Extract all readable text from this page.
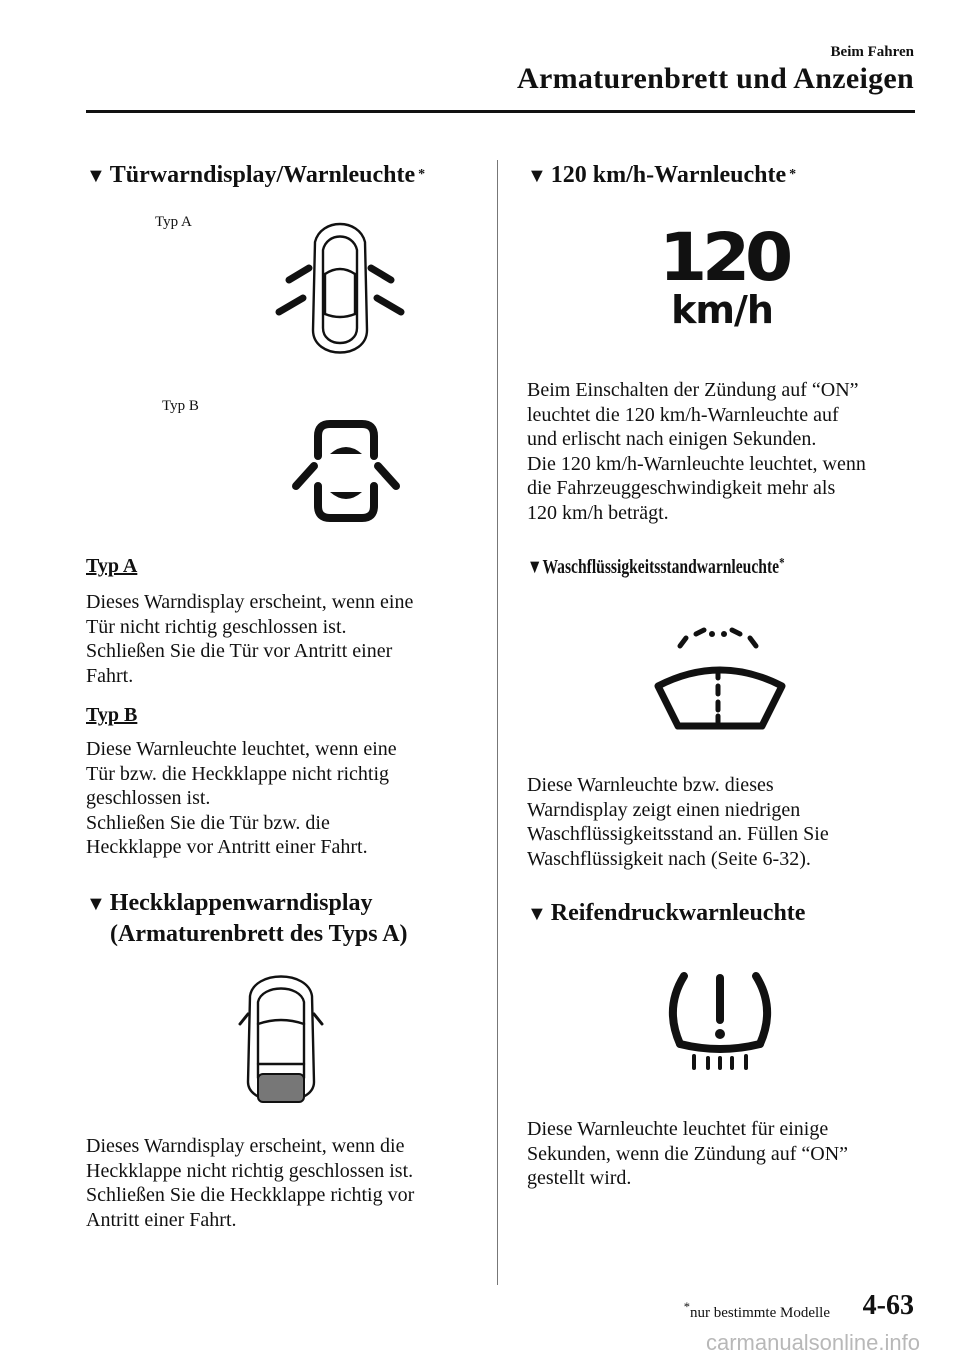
Beim Fahren
Armaturenbrett und Anzeigen
▼ Türwarndisplay/Warnleuchte *
Typ A
Typ B
Typ A
Dieses Warndisplay erscheint, wenn eine
Tür nicht richtig geschlossen ist.
Schließen Sie die Tür vor Antritt einer
Fahrt.
Typ B
Diese Warnleuchte leuchtet, wenn eine
Tür bzw. die Heckklappe nicht richtig
geschlossen ist.
Schließen Sie die Tür bzw. die
Heckklappe vor Antritt einer Fahrt.
▼ Heckklappenwarndisplay
(Armaturenbrett des Typs A)
Dieses Warndisplay erscheint, wenn die
Heckklappe nicht richtig geschlossen ist.
Schließen Sie die Heckklappe richtig vor
Antritt einer Fahrt.
▼ 120 km/h-Warnleuchte *
120
km/h
Beim Einschalten der Zündung auf “ON”
leuchtet die 120 km/h-Warnleuchte auf
und erlischt nach einigen Sekunden.
Die 120 km/h-Warnleuchte leuchtet, wenn
die Fahrzeuggeschwindigkeit mehr als
120 km/h beträgt.
▼Waschflüssigkeitsstandwarnleuchte*
Diese Warnleuchte bzw. dieses
Warndisplay zeigt einen niedrigen
Waschflüssigkeitsstand an. Füllen Sie
Waschflüssigkeit nach (Seite 6-32).
▼ Reifendruckwarnleuchte
Diese Warnleuchte leuchtet für einige
Sekunden, wenn die Zündung auf “ON”
gestellt wird.
*nur bestimmte Modelle 4-63
carmanualsonline.info
